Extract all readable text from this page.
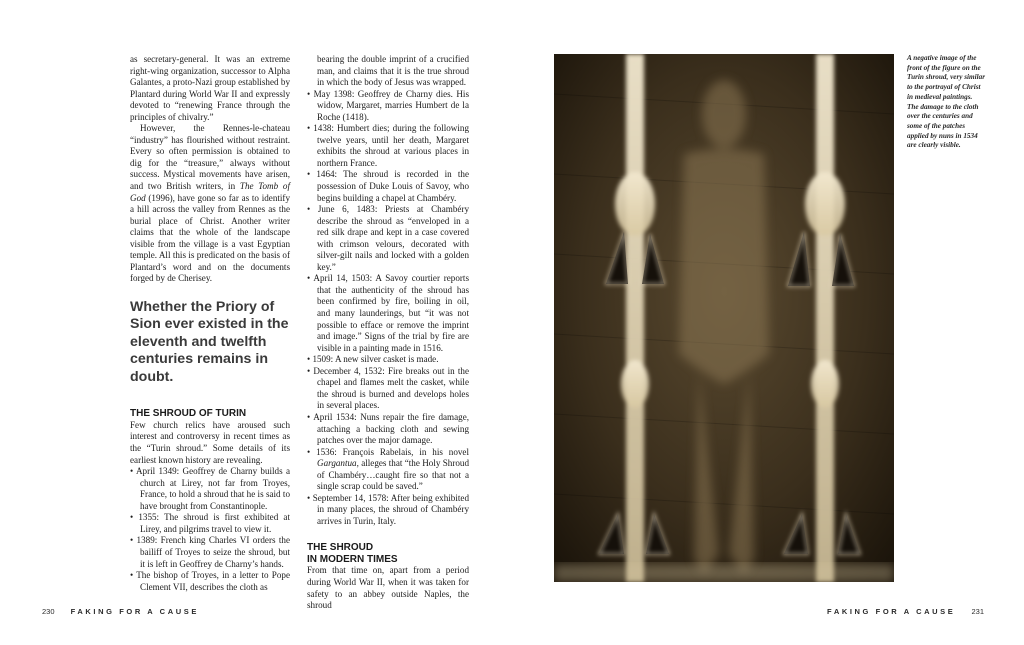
as secretary-general. It was an extreme right-wing organization, successor to Alpha Galantes, a proto-Nazi group established by Plantard during World War II and expressly devoted to “renewing France through the principles of chivalry.”

However, the Rennes-le-chateau “industry” has flourished without restraint. Every so often permission is obtained to dig for the “treasure,” always without success. Mystical movements have arisen, and two British writers, in The Tomb of God (1996), have gone so far as to identify a hill across the valley from Rennes as the burial place of Christ. Another writer claims that the whole of the landscape visible from the village is a vast Egyptian temple. All this is predicated on the basis of Plantard’s word and on the documents forged by de Cherisey.

Whether the Priory of Sion ever existed in the eleventh and twelfth centuries remains in doubt.
THE SHROUD OF TURIN

Few church relics have aroused such interest and controversy in recent times as the “Turin shroud.” Some details of its earliest known history are revealing.

• April 1349: Geoffrey de Charny builds a church at Lirey, not far from Troyes, France, to hold a shroud that he is said to have brought from Constantinople.

• 1355: The shroud is first exhibited at Lirey, and pilgrims travel to view it.

• 1389: French king Charles VI orders the bailiff of Troyes to seize the shroud, but it is left in Geoffrey de Charny’s hands.

• The bishop of Troyes, in a letter to Pope Clement VII, describes the cloth as

bearing the double imprint of a crucified man, and claims that it is the true shroud in which the body of Jesus was wrapped.

• May 1398: Geoffrey de Charny dies. His widow, Margaret, marries Humbert de la Roche (1418).

• 1438: Humbert dies; during the following twelve years, until her death, Margaret exhibits the shroud at various places in northern France.

• 1464: The shroud is recorded in the possession of Duke Louis of Savoy, who begins building a chapel at Chambéry.

• June 6, 1483: Priests at Chambéry describe the shroud as “enveloped in a red silk drape and kept in a case covered with crimson velours, decorated with silver-gilt nails and locked with a golden key.”

• April 14, 1503: A Savoy courtier reports that the authenticity of the shroud has been confirmed by fire, boiling in oil, and many launderings, but “it was not possible to efface or remove the imprint and image.” Signs of the trial by fire are visible in a painting made in 1516.

• 1509: A new silver casket is made.

• December 4, 1532: Fire breaks out in the chapel and flames melt the casket, while the shroud is burned and develops holes in several places.

• April 1534: Nuns repair the fire damage, attaching a backing cloth and sewing patches over the major damage.

• 1536: François Rabelais, in his novel Gargantua, alleges that “the Holy Shroud of Chambéry…caught fire so that not a single scrap could be saved.”

• September 14, 1578: After being exhibited in many places, the shroud of Chambéry arrives in Turin, Italy.

THE SHROUD
IN MODERN TIMES

From that time on, apart from a period during World War II, when it was taken for safety to an abbey outside Naples, the shroud

A negative image of the front of the figure on the Turin shroud, very similar to the portrayal of Christ in medieval paintings. The damage to the cloth over the centuries and some of the patches applied by nuns in 1534 are clearly visible.
230 FAKING FOR A CAUSE	FAKING FOR A CAUSE 231
